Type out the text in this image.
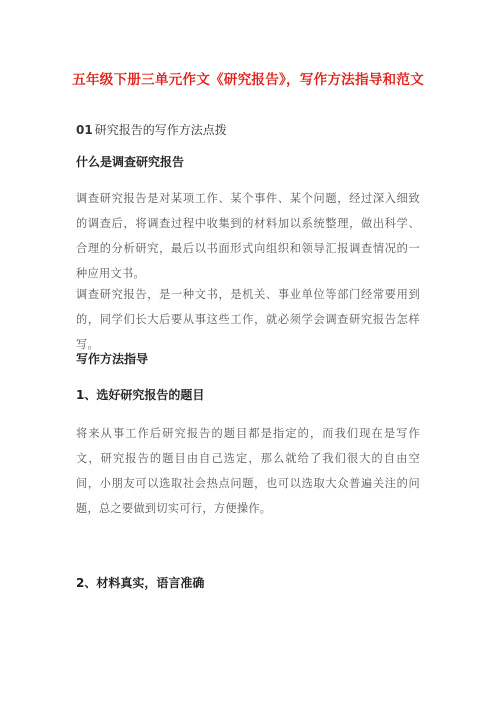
五年级下册三单元作文《研究报告》，写作方法指导和范文
01 研究报告的写作方法点拨
什么是调查研究报告
调查研究报告是对某项工作、某个事件、某个问题，经过深入细致的调查后，将调查过程中收集到的材料加以系统整理，做出科学、合理的分析研究，最后以书面形式向组织和领导汇报调查情况的一种应用文书。
调查研究报告，是一种文书，是机关、事业单位等部门经常要用到的，同学们长大后要从事这些工作，就必须学会调查研究报告怎样写。
写作方法指导
1、选好研究报告的题目
将来从事工作后研究报告的题目都是指定的，而我们现在是写作文，研究报告的题目由自己选定，那么就给了我们很大的自由空间，小朋友可以选取社会热点问题，也可以选取大众普遍关注的问题，总之要做到切实可行，方便操作。
2、材料真实，语言准确
